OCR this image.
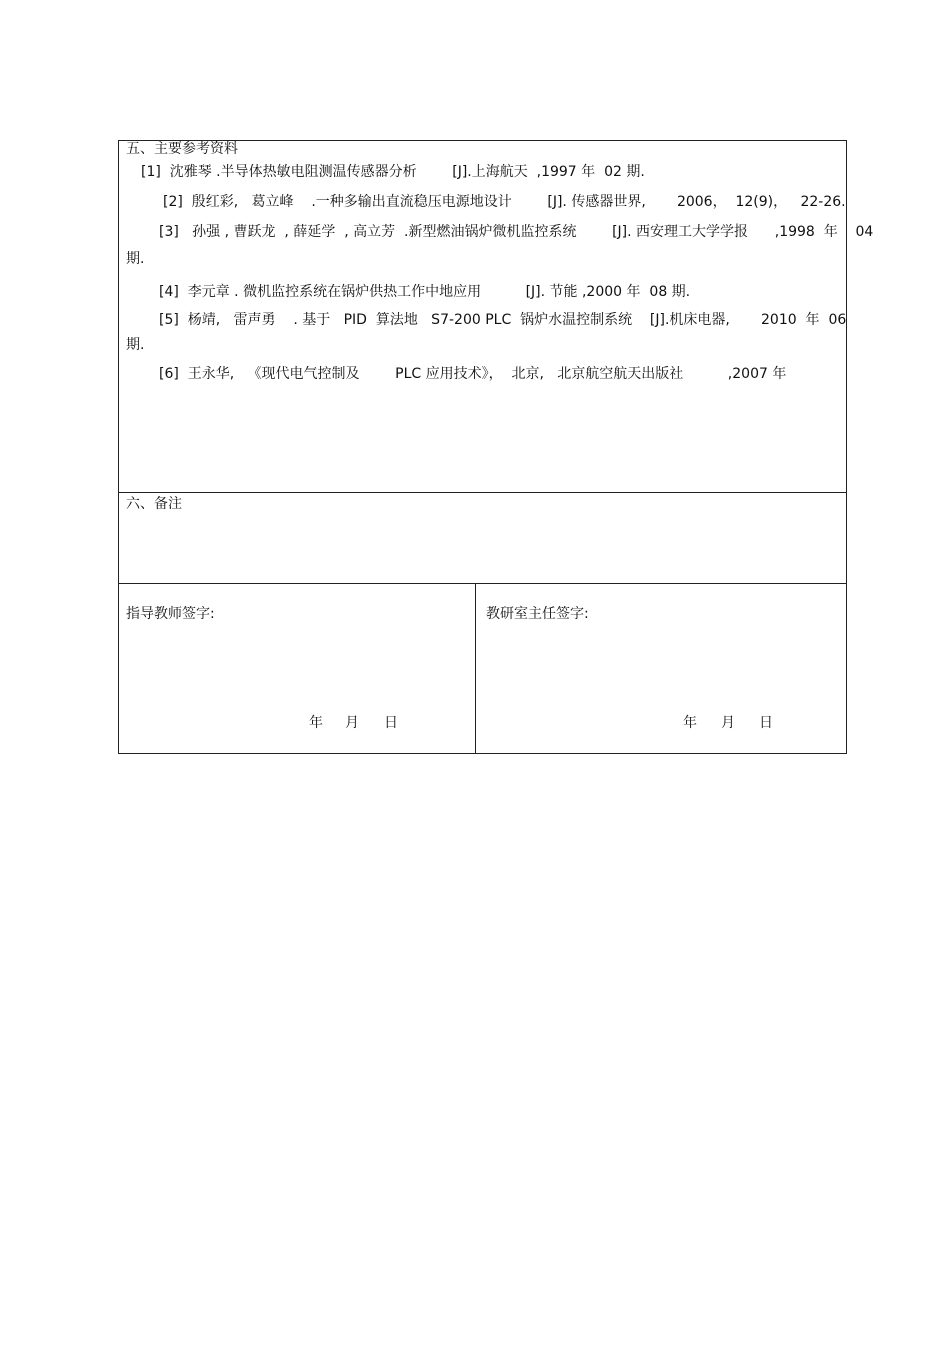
五、主要参考资料
[1]  沈雅琴 .半导体热敏电阻测温传感器分析        [J].上海航天  ,1997 年  02 期.
[2]  殷红彩,   葛立峰    .一种多输出直流稳压电源地设计        [J]. 传感器世界,       2006，  12(9)，   22-26.
[3]   孙强 , 曹跃龙  , 薛延学  , 高立芳  .新型燃油锅炉微机监控系统        [J]. 西安理工大学学报      ,1998  年    04
期.
[4]  李元章 . 微机监控系统在锅炉供热工作中地应用          [J]. 节能 ,2000 年  08 期.
[5]  杨靖,   雷声勇    . 基于   PID  算法地   S7-200 PLC  锅炉水温控制系统    [J].机床电器,       2010  年  06
期.
[6]  王永华,   《现代电气控制及        PLC 应用技术》，  北京,   北京航空航天出版社          ,2007 年
六、备注
指导教师签字:	教研室主任签字:
年 月 日	年 月 日
